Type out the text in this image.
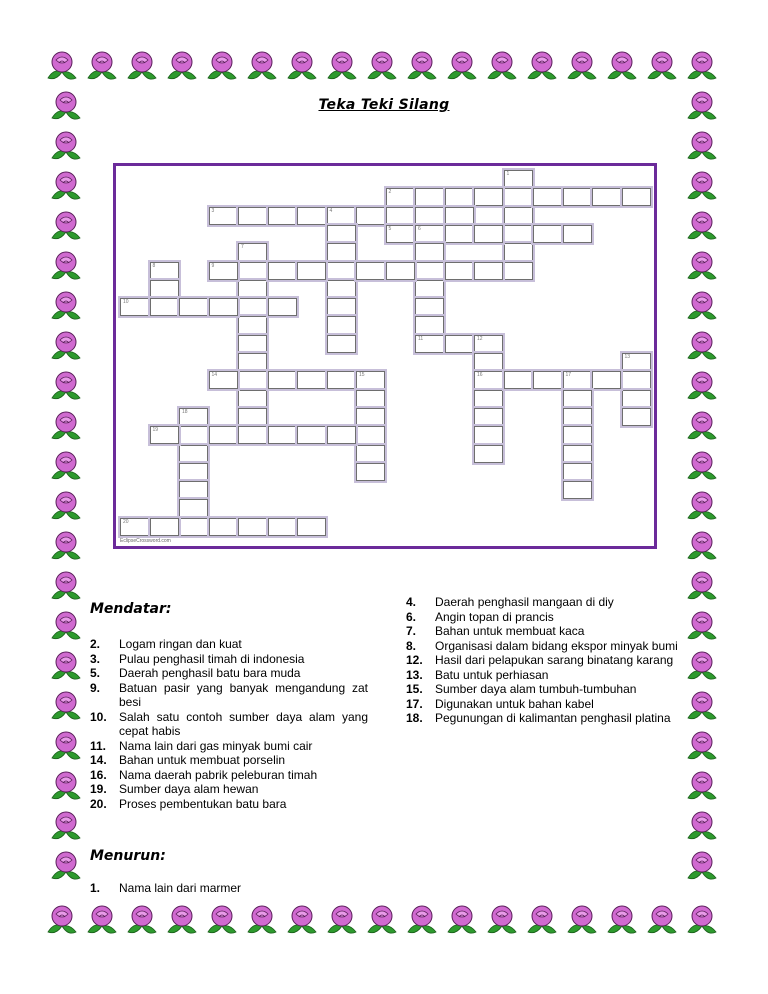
Teka Teki Silang
1
2
3	4
5	6
7
8	9
10
11	12
16
13
14	15	17
18
19
20
EclipseCrossword.com
Mendatar:
2.	Logam ringan dan kuat
3.	Pulau penghasil timah di indonesia
5.	Daerah penghasil batu bara muda
9.	Batuan pasir yang banyak mengandung zat besi
10.	Salah satu contoh sumber daya alam yang cepat habis
11.	Nama lain dari gas minyak bumi cair
14.	Bahan untuk membuat porselin
16.	Nama daerah pabrik peleburan timah
19.	Sumber daya alam hewan
20.	Proses pembentukan batu bara
4.	Daerah penghasil mangaan di diy
6.	Angin topan di prancis
7.	Bahan untuk membuat kaca
8.	Organisasi dalam bidang ekspor minyak bumi
12.	Hasil dari pelapukan sarang binatang karang
13.	Batu untuk perhiasan
15.	Sumber daya alam tumbuh-tumbuhan
17.	Digunakan untuk bahan kabel
18.	Pegunungan di kalimantan penghasil platina
Menurun:
1.	Nama lain dari marmer
